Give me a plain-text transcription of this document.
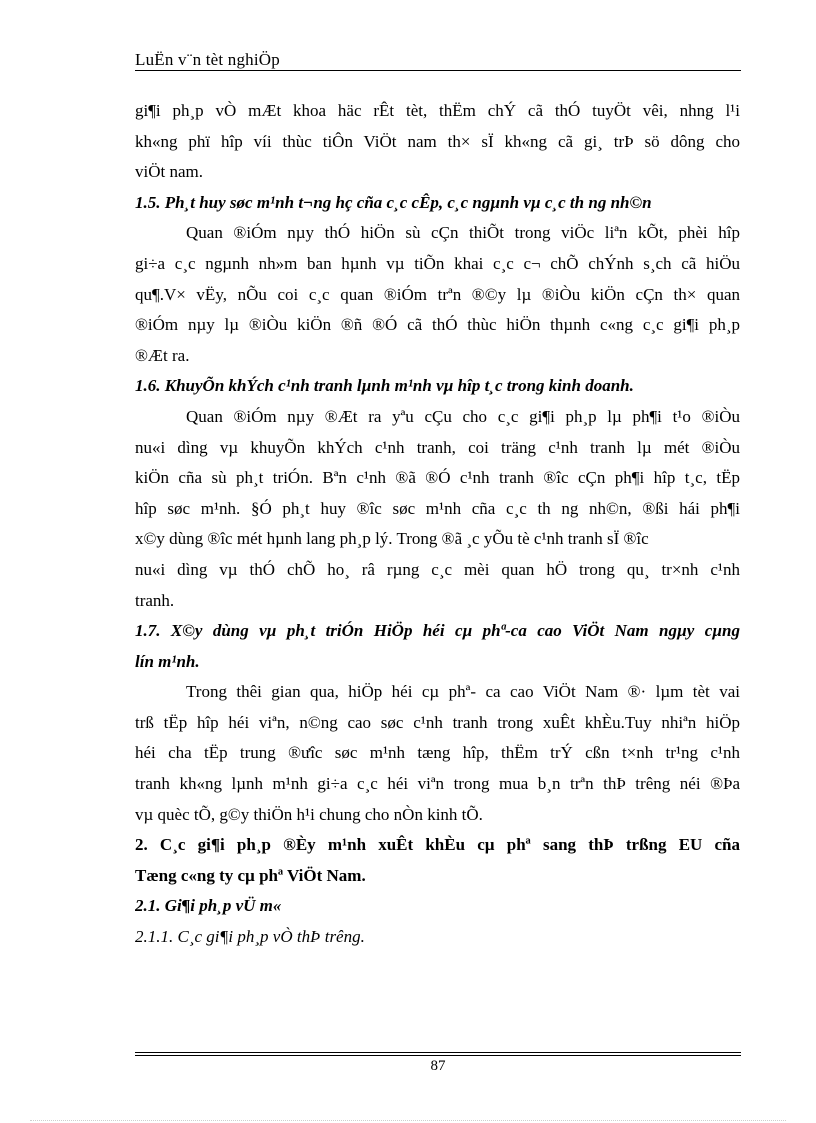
LuËn v¨n tèt nghiÖp

gi¶i ph¸p vÒ mÆt khoa häc rÊt tèt, thËm chÝ cã thÓ tuyÖt vêi, nhng l¹i
kh«ng phï hîp víi thùc tiÔn ViÖt nam th× sÏ kh«ng cã gi¸ trÞ sö dông cho
viÖt nam.

1.5. Ph¸t huy søc m¹nh t¬ng hç cña c¸c cÊp, c¸c ngµnh vµ c¸c th ng nh©n

Quan ®iÓm nµy thÓ hiÖn sù cÇn thiÕt trong viÖc liªn kÕt, phèi hîp
gi÷a c¸c ngµnh nh»m ban hµnh vµ tiÕn khai c¸c c¬ chÕ chÝnh s¸ch cã hiÖu
qu¶.V× vËy, nÕu coi c¸c quan ®iÓm trªn ®©y lµ ®iÒu kiÖn cÇn th× quan
®iÓm nµy lµ ®iÒu kiÖn ®ñ ®Ó cã thÓ thùc hiÖn thµnh c«ng c¸c gi¶i ph¸p
®Æt ra.

1.6. KhuyÕn khÝch c¹nh tranh lµnh m¹nh vµ hîp t¸c trong kinh doanh.

Quan ®iÓm nµy ®Æt ra yªu cÇu cho c¸c gi¶i ph¸p lµ ph¶i t¹o ®iÒu
nu«i dìng vµ khuyÕn khÝch c¹nh tranh, coi träng c¹nh tranh lµ mét ®iÒu
kiÖn cña sù ph¸t triÓn. Bªn c¹nh ®ã ®Ó c¹nh tranh ®îc cÇn ph¶i hîp t¸c, tËp
hîp søc m¹nh. §Ó ph¸t huy ®îc søc m¹nh cña c¸c th ng nh©n, ®ßi hái ph¶i
x©y dùng ®îc mét hµnh lang ph¸p lý. Trong ®ã ¸c yÕu tè c¹nh tranh sÏ ®îc
nu«i dìng vµ thÓ chÕ ho¸ râ rµng c¸c mèi quan hÖ trong qu¸ tr×nh c¹nh
tranh.

1.7. X©y dùng vµ ph¸t triÓn HiÖp héi cµ phª-ca cao ViÖt Nam ngµy cµng
lín m¹nh.

Trong thêi gian qua, hiÖp héi cµ phª- ca cao ViÖt Nam ®· lµm tèt vai
trß tËp hîp héi viªn, n©ng cao søc c¹nh tranh trong xuÊt khÈu.Tuy nhiªn hiÖp
héi cha tËp trung ®ưîc søc m¹nh tæng hîp, thËm trÝ cßn t×nh tr¹ng c¹nh
tranh kh«ng lµnh m¹nh gi÷a c¸c héi viªn trong mua b¸n trªn thÞ trêng néi ®Þa
vµ quèc tÕ, g©y thiÖn h¹i chung cho nÒn kinh tÕ.

2. C¸c gi¶i ph¸p ®Èy m¹nh xuÊt khÈu cµ phª sang thÞ trßng EU cña
Tæng c«ng ty cµ phª ViÖt Nam.

2.1. Gi¶i ph¸p vÜ m«

2.1.1. C¸c gi¶i ph¸p vÒ thÞ trêng.

87
